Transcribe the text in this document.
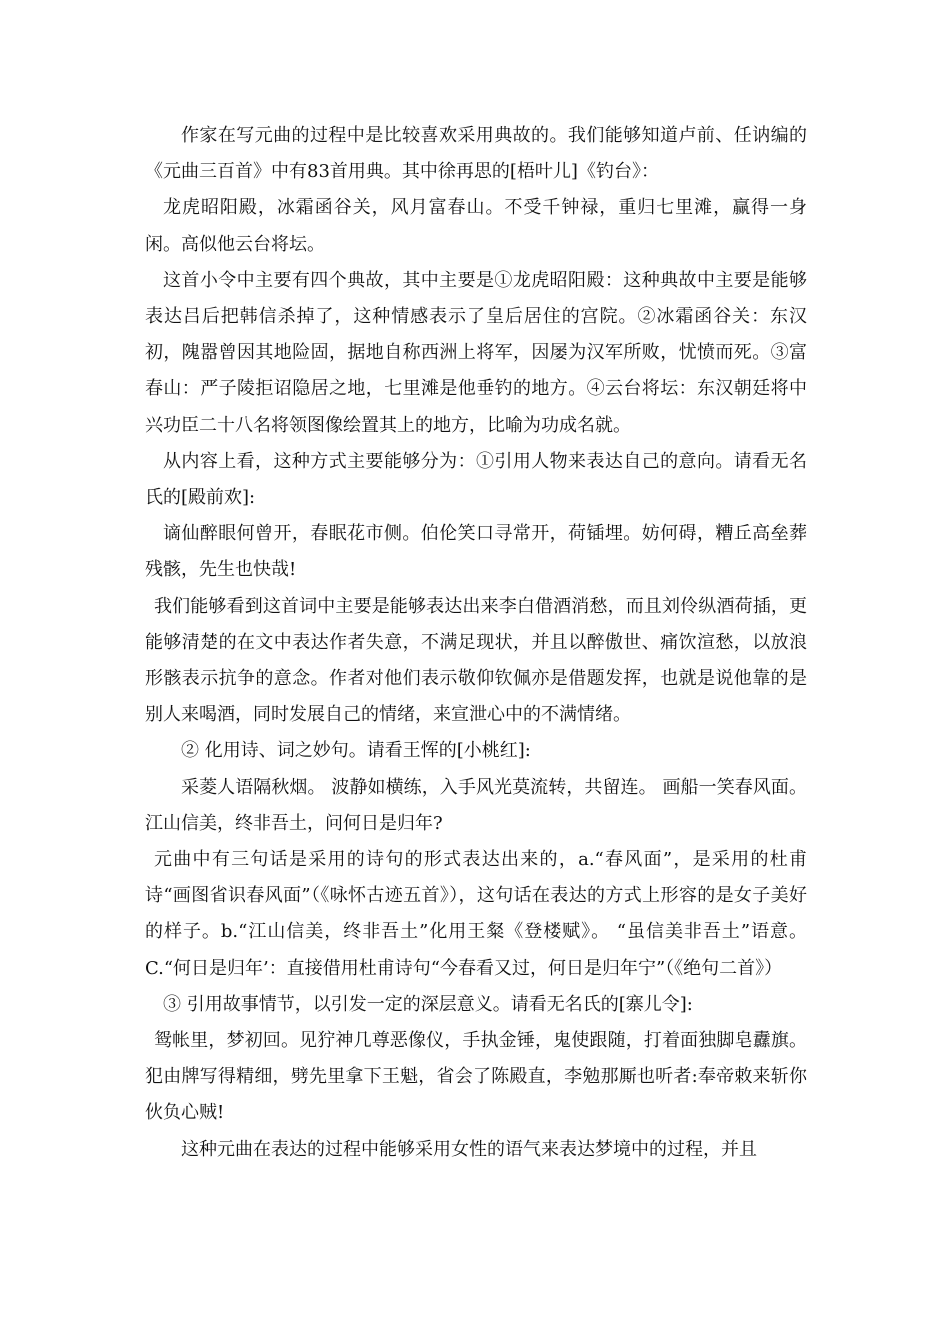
作家在写元曲的过程中是比较喜欢采用典故的。我们能够知道卢前、任讷编的《元曲三百首》中有83首用典。其中徐再思的[梧叶儿]《钓台》：

龙虎昭阳殿，冰霜函谷关，风月富春山。不受千钟禄，重归七里滩，赢得一身闲。高似他云台将坛。

这首小令中主要有四个典故，其中主要是①龙虎昭阳殿：这种典故中主要是能够表达吕后把韩信杀掉了，这种情感表示了皇后居住的宫院。②冰霜函谷关：东汉初，隗嚣曾因其地险固，据地自称西洲上将军，因屡为汉军所败，忧愤而死。③富春山：严子陵拒诏隐居之地，七里滩是他垂钓的地方。④云台将坛：东汉朝廷将中兴功臣二十八名将领图像绘置其上的地方，比喻为功成名就。

从内容上看，这种方式主要能够分为：①引用人物来表达自己的意向。请看无名氏的[殿前欢]:

谪仙醉眼何曾开，春眠花市侧。伯伦笑口寻常开，荷锸埋。妨何碍，糟丘高垒葬残骸，先生也快哉!

我们能够看到这首词中主要是能够表达出来李白借酒消愁，而且刘伶纵酒荷插，更能够清楚的在文中表达作者失意，不满足现状，并且以醉傲世、痛饮渲愁，以放浪形骸表示抗争的意念。作者对他们表示敬仰钦佩亦是借题发挥，也就是说他靠的是别人来喝酒，同时发展自己的情绪，来宣泄心中的不满情绪。

② 化用诗、词之妙句。请看王恽的[小桃红]:

采菱人语隔秋烟。 波静如横练，入手风光莫流转，共留连。 画船一笑春风面。 江山信美，终非吾土，问何日是归年?

元曲中有三句话是采用的诗句的形式表达出来的，a.“春风面”，是采用的杜甫诗“画图省识春风面”（《咏怀古迹五首》），这句话在表达的方式上形容的是女子美好的样子。b.“江山信美，终非吾土”化用王粲《登楼赋》。 “虽信美非吾土”语意。C.“何日是归年’：直接借用杜甫诗句“今春看又过，何日是归年宁”（《绝句二首》）

③ 引用故事情节，以引发一定的深层意义。请看无名氏的[寨儿令]:

鸳帐里，梦初回。见狞神几尊恶像仪，手执金锤，鬼使跟随，打着面独脚皂纛旗。犯由牌写得精细，劈先里拿下王魁，省会了陈殿直，李勉那厮也听者:奉帝敕来斩你伙负心贼!

这种元曲在表达的过程中能够采用女性的语气来表达梦境中的过程，并且
